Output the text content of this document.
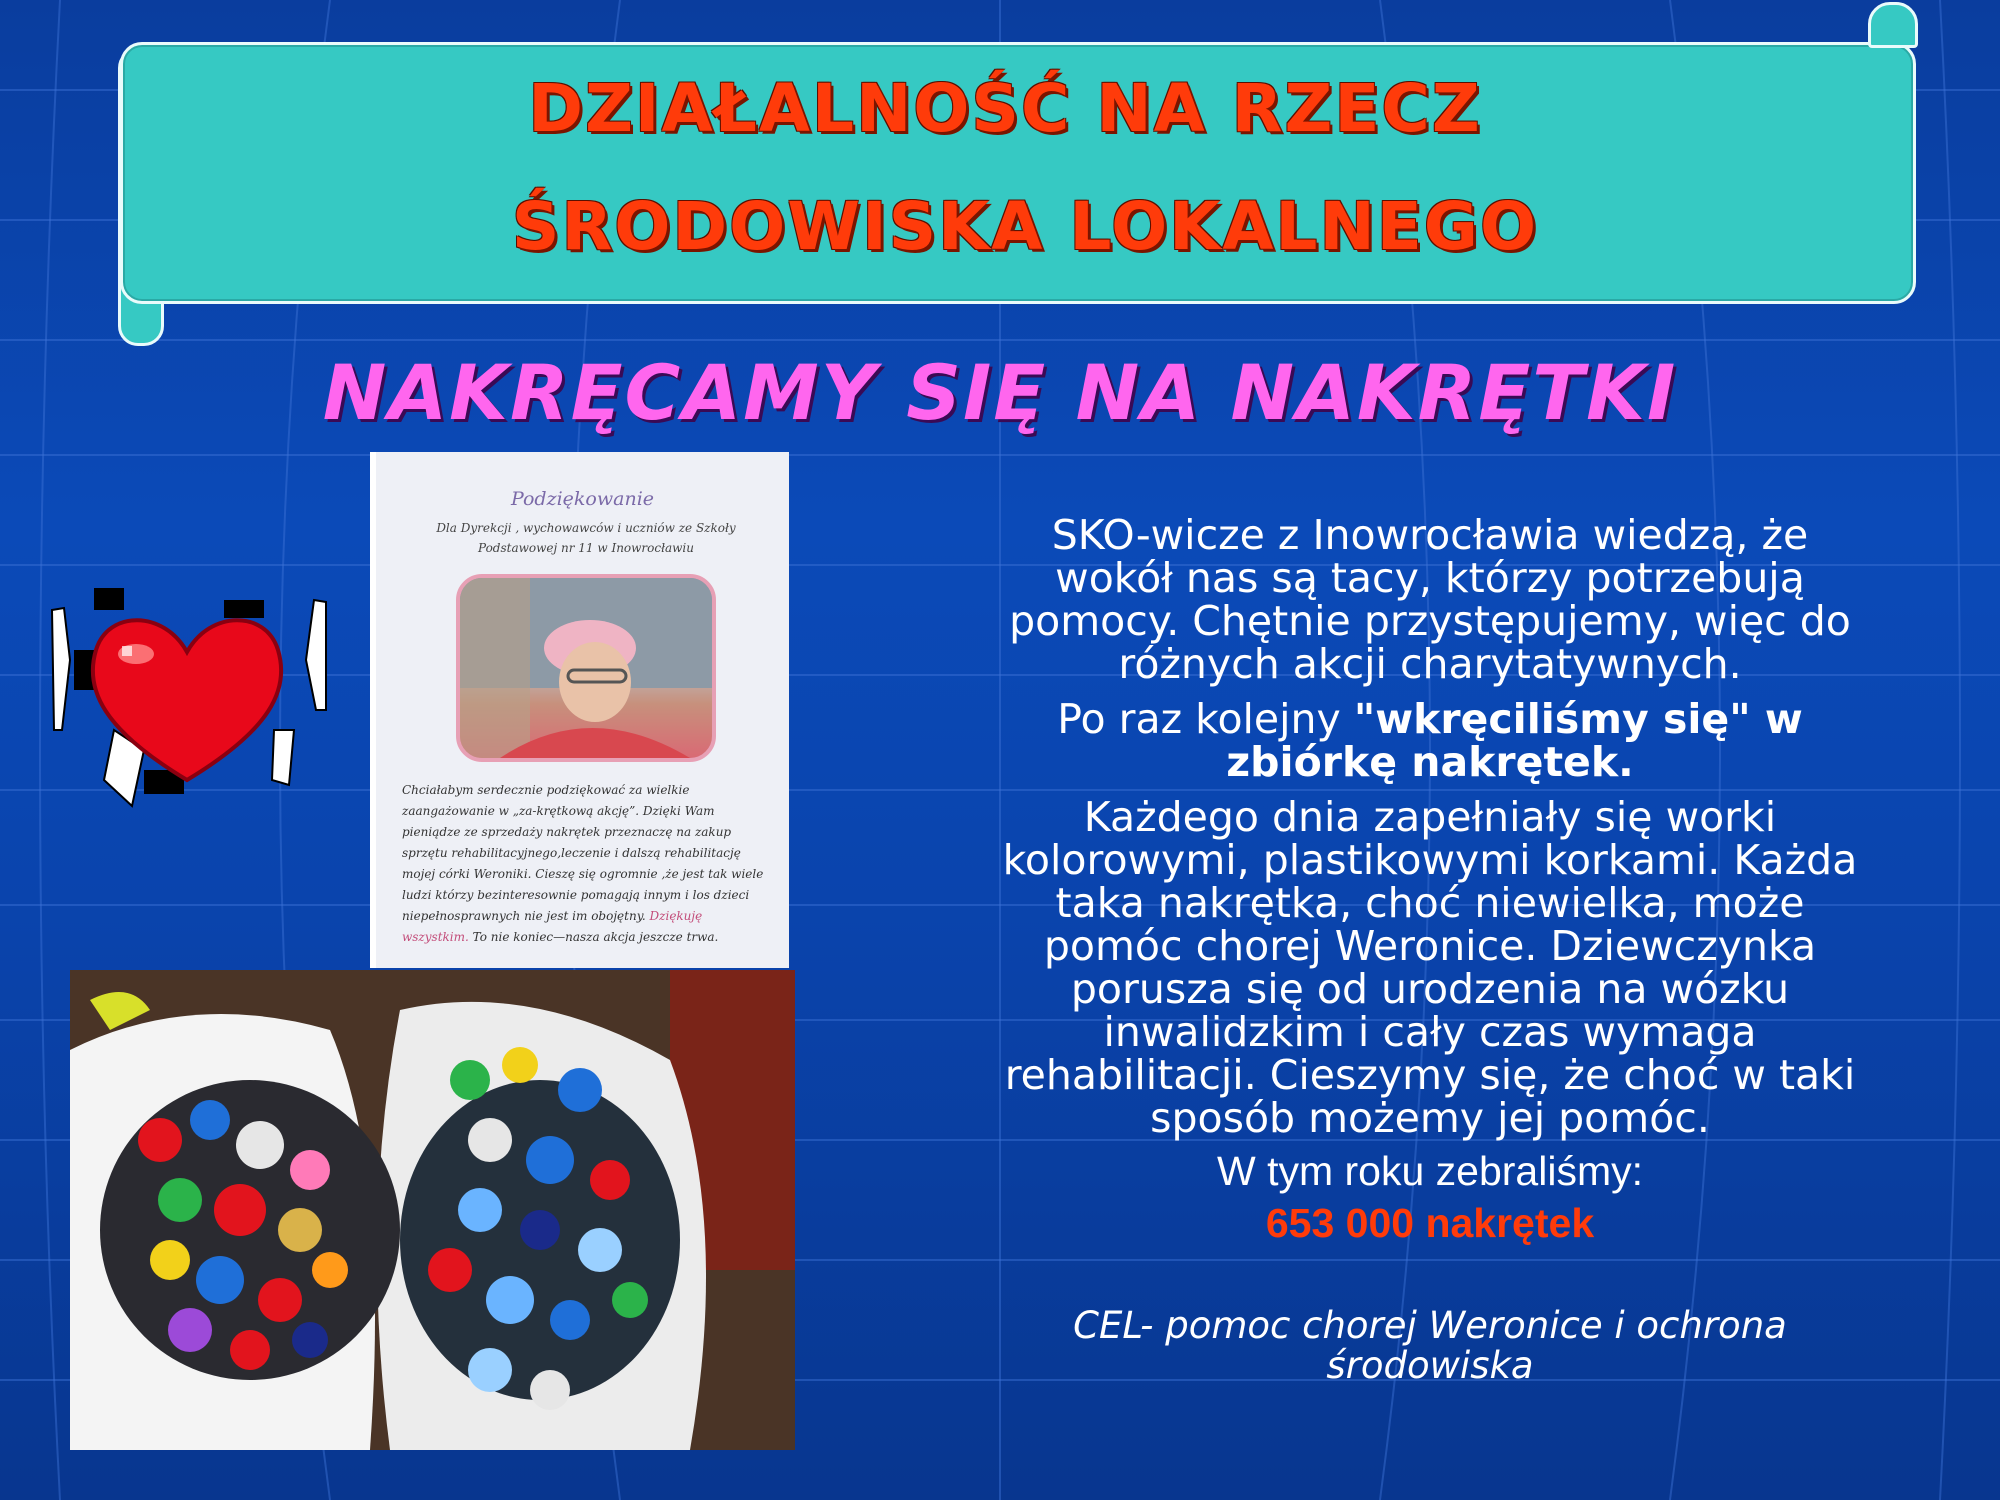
DZIAŁALNOŚĆ NA RZECZ
ŚRODOWISKA LOKALNEGO
NAKRĘCAMY SIĘ NA NAKRĘTKI
Podziękowanie
Dla Dyrekcji , wychowawców i uczniów ze Szkoły Podstawowej nr 11 w Inowrocławiu
Chciałabym serdecznie podziękować za wielkie zaangażowanie w „za-krętkową akcję”. Dzięki Wam pieniądze ze sprzedaży nakrętek przeznaczę na zakup sprzętu rehabilitacyjnego,leczenie i dalszą rehabilitację mojej córki Weroniki. Cieszę się ogromnie ,że jest tak wiele ludzi którzy bezinteresownie pomagają innym i los dzieci niepełnosprawnych nie jest im obojętny. Dziękuję wszystkim. To nie koniec—nasza akcja jeszcze trwa.

SKO-wicze z Inowrocławia wiedzą, że wokół nas są tacy, którzy potrzebują pomocy. Chętnie przystępujemy, więc do różnych akcji charytatywnych.

Po raz kolejny "wkręciliśmy się" w zbiórkę nakrętek.

Każdego dnia zapełniały się worki kolorowymi, plastikowymi korkami. Każda taka nakrętka, choć niewielka, może pomóc chorej Weronice. Dziewczynka porusza się od urodzenia na wózku inwalidzkim i cały czas wymaga rehabilitacji. Cieszymy się, że choć w taki sposób możemy jej pomóc.

W tym roku zebraliśmy:
653 000 nakrętek
CEL- pomoc chorej Weronice i ochrona środowiska
